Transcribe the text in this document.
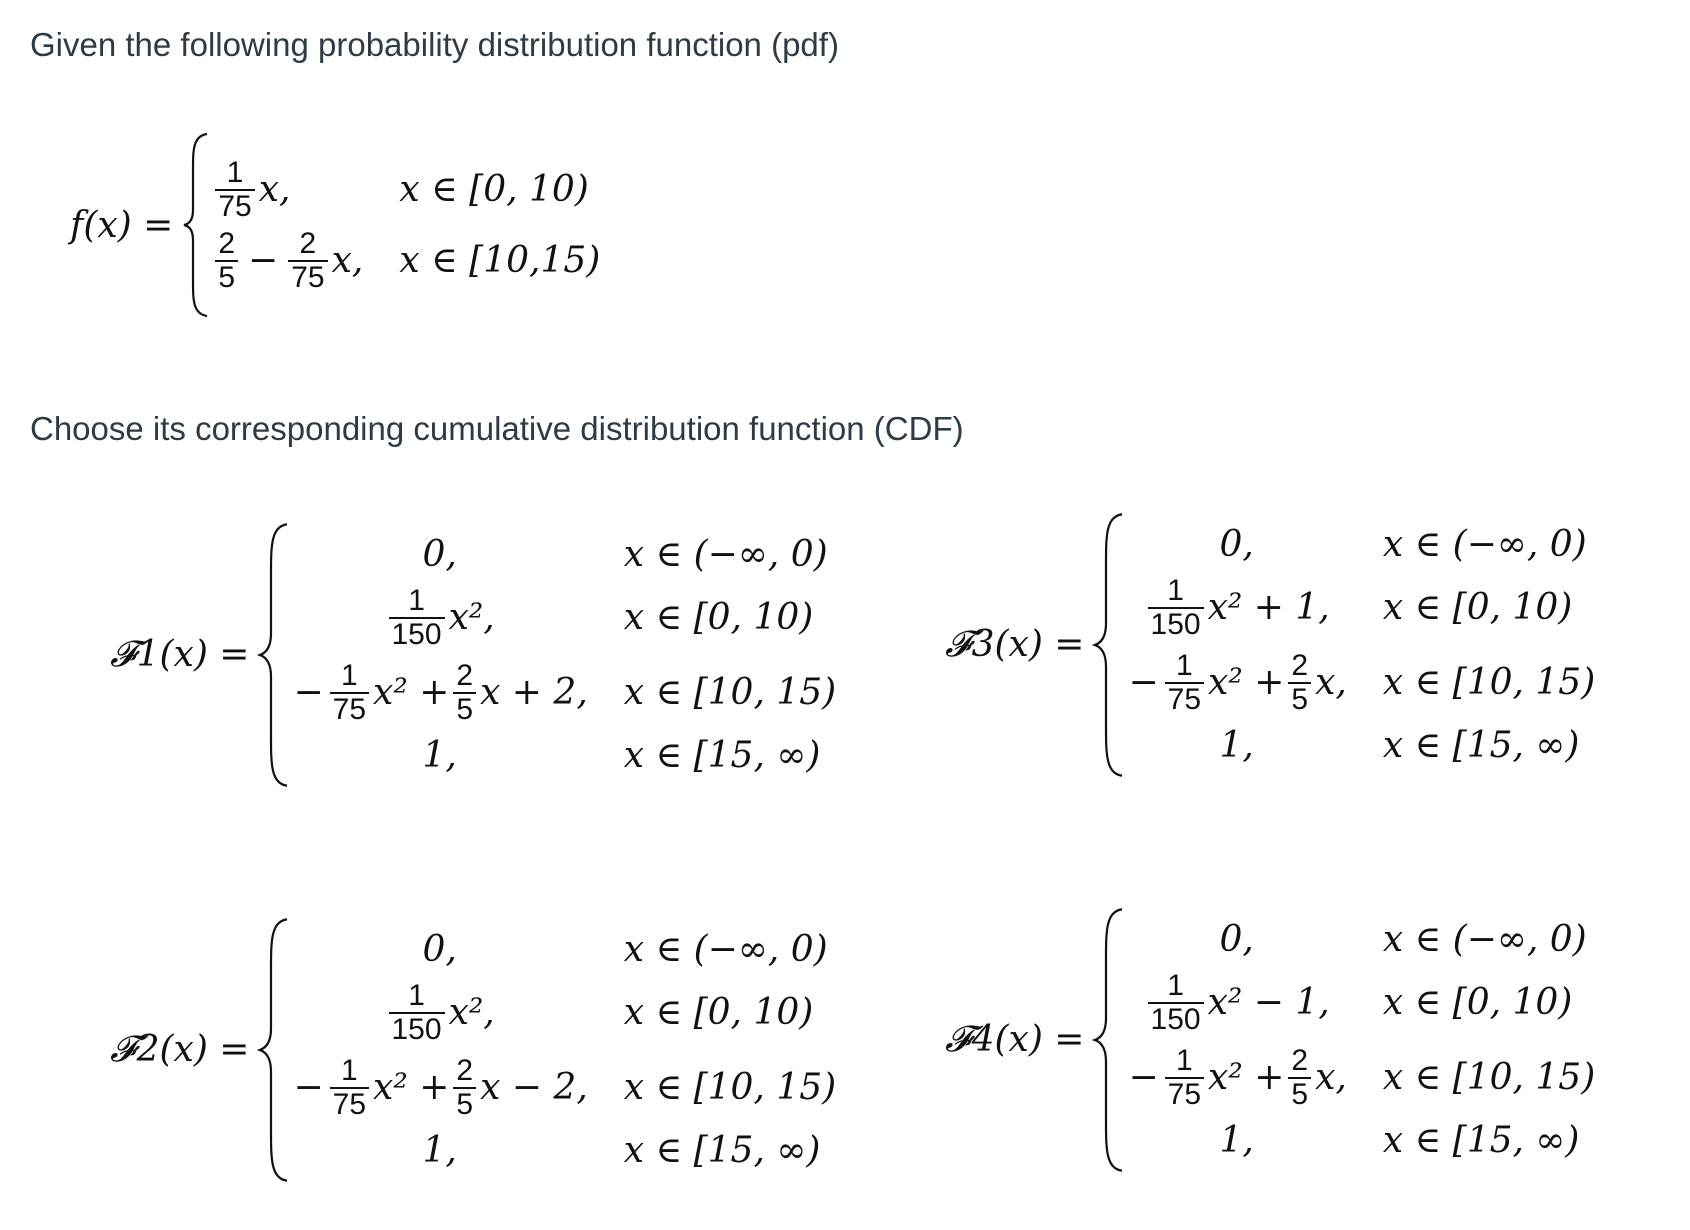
Given the following probability distribution function (pdf)

f(x) =
$\frac{1}{75} x$,	x ∈ [0, 10)
$\frac{2}{5} - \frac{2}{75} x$, x ∈ [10,15)

Choose its corresponding cumulative distribution function (CDF)

𝓕1(x) =
0,	x ∈ (−∞, 0)
$\frac{1}{150} x^2$,	x ∈ [0, 10)
− $\frac{1}{75} x^2 + \frac{2}{5}$ x + 2, x ∈ [10, 15)
1,	x ∈ [15, ∞)
𝓕3(x) =
0,	x ∈ (−∞, 0)
$\frac{1}{150} x^2 + 1$, x ∈ [0, 10)
− $\frac{1}{75} x^2 + \frac{2}{5} x$, x ∈ [10, 15)
1,	x ∈ [15, ∞)
𝓕2(x) =
0,	x ∈ (−∞, 0)
$\frac{1}{150} x^2$,	x ∈ [0, 10)
− $\frac{1}{75} x^2 + \frac{2}{5}$ x − 2, x ∈ [10, 15)
1,	x ∈ [15, ∞)
𝓕4(x) =
0,	x ∈ (−∞, 0)
$\frac{1}{150} x^2 - 1$, x ∈ [0, 10)
− $\frac{1}{75} x^2 + \frac{2}{5} x$, x ∈ [10, 15)
1,	x ∈ [15, ∞)
